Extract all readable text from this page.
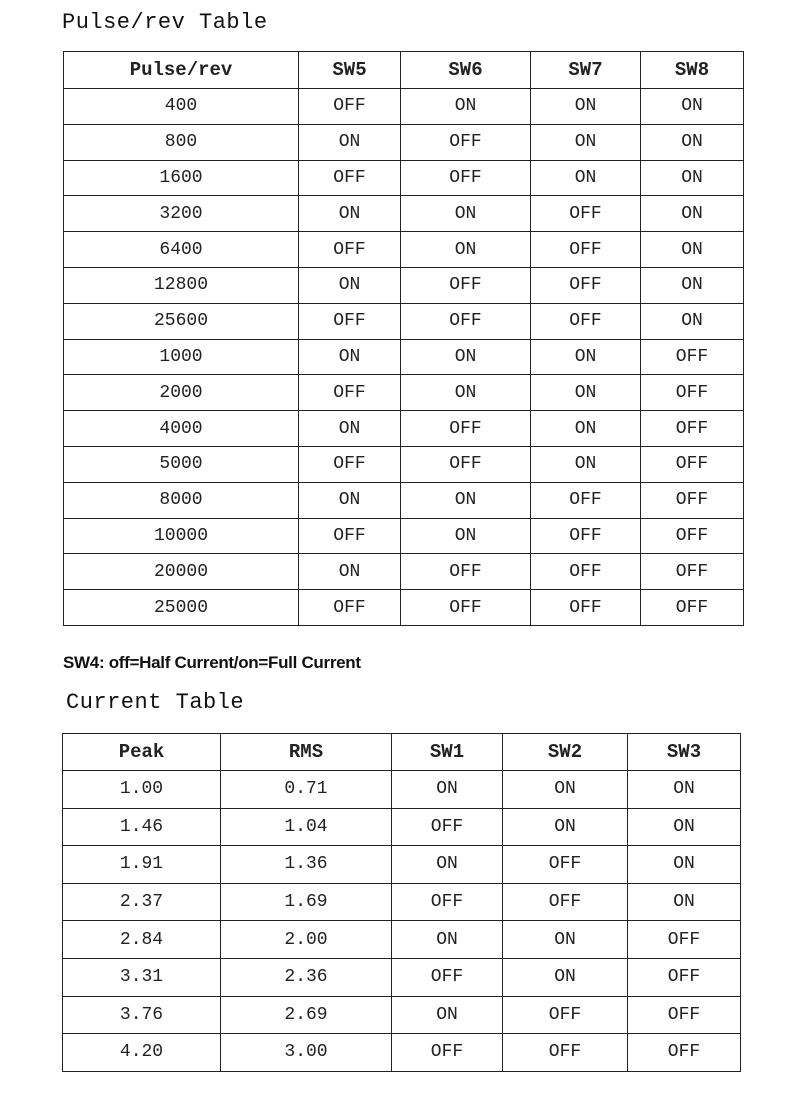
Pulse/rev Table
Pulse/rev	SW5	SW6	SW7	SW8
400	OFF	ON	ON	ON
800	ON	OFF	ON	ON
1600	OFF	OFF	ON	ON
3200	ON	ON	OFF	ON
6400	OFF	ON	OFF	ON
12800	ON	OFF	OFF	ON
25600	OFF	OFF	OFF	ON
1000	ON	ON	ON	OFF
2000	OFF	ON	ON	OFF
4000	ON	OFF	ON	OFF
5000	OFF	OFF	ON	OFF
8000	ON	ON	OFF	OFF
10000	OFF	ON	OFF	OFF
20000	ON	OFF	OFF	OFF
25000	OFF	OFF	OFF	OFF
SW4: off=Half Current/on=Full Current
Current Table
Peak	RMS	SW1	SW2	SW3
1.00	0.71	ON	ON	ON
1.46	1.04	OFF	ON	ON
1.91	1.36	ON	OFF	ON
2.37	1.69	OFF	OFF	ON
2.84	2.00	ON	ON	OFF
3.31	2.36	OFF	ON	OFF
3.76	2.69	ON	OFF	OFF
4.20	3.00	OFF	OFF	OFF
